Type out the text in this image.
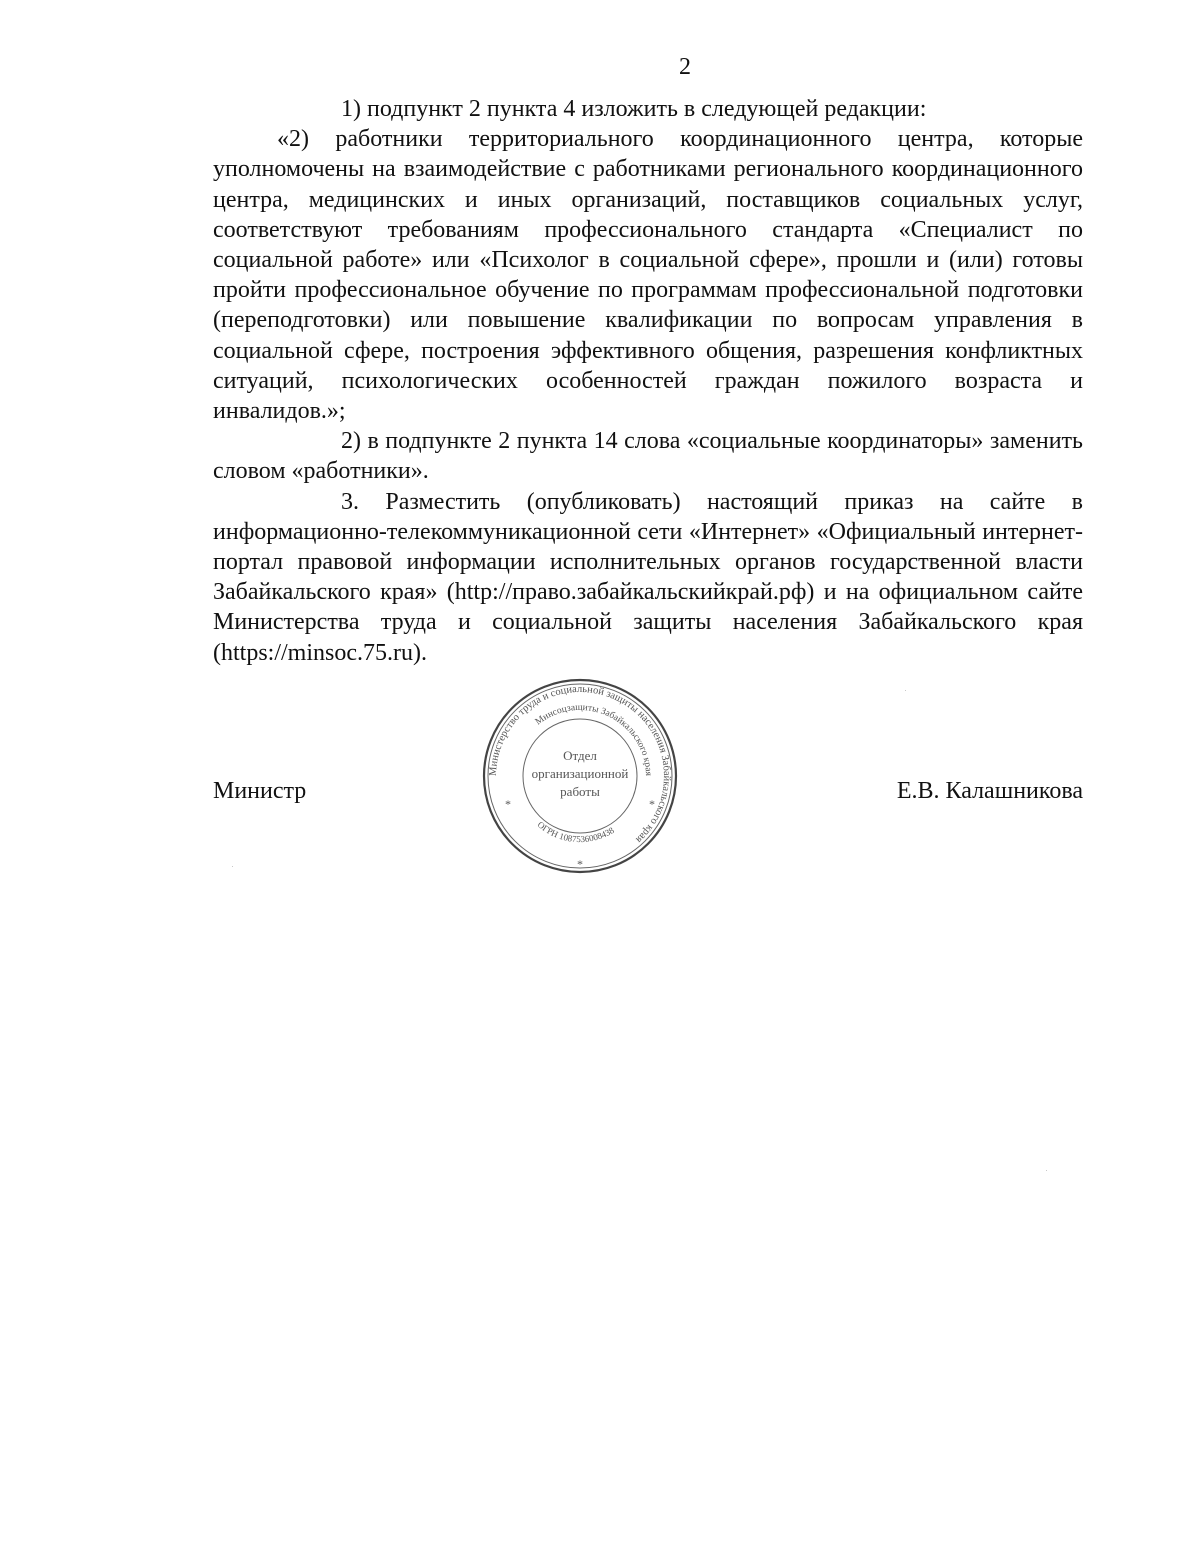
2

1) подпункт 2 пункта 4 изложить в следующей редакции:

«2) работники территориального координационного центра, которые уполномочены на взаимодействие с работниками регионального координационного центра, медицинских и иных организаций, поставщиков социальных услуг, соответствуют требованиям профессионального стандарта «Специалист по социальной работе» или «Психолог в социальной сфере», прошли и (или) готовы пройти профессиональное обучение по программам профессиональной подготовки (переподготовки) или повышение квалификации по вопросам управления в социальной сфере, построения эффективного общения, разрешения конфликтных ситуаций, психологических особенностей граждан пожилого возраста и инвалидов.»;

2) в подпункте 2 пункта 14 слова «социальные координаторы» заменить словом «работники».

3. Разместить (опубликовать) настоящий приказ на сайте в информационно-телекоммуникационной сети «Интернет» «Официальный интернет-портал правовой информации исполнительных органов государственной власти Забайкальского края» (http://право.забайкальскийкрай.рф) и на официальном сайте Министерства труда и социальной защиты населения Забайкальского края (https://minsoc.75.ru).

Министерство труда и социальной защиты населения Забайкальского края
Минсоцзащиты Забайкальского края
ОГРН 1087536008438
Отдел
организационной
работы
*	*
*
Министр	Е.В. Калашникова
